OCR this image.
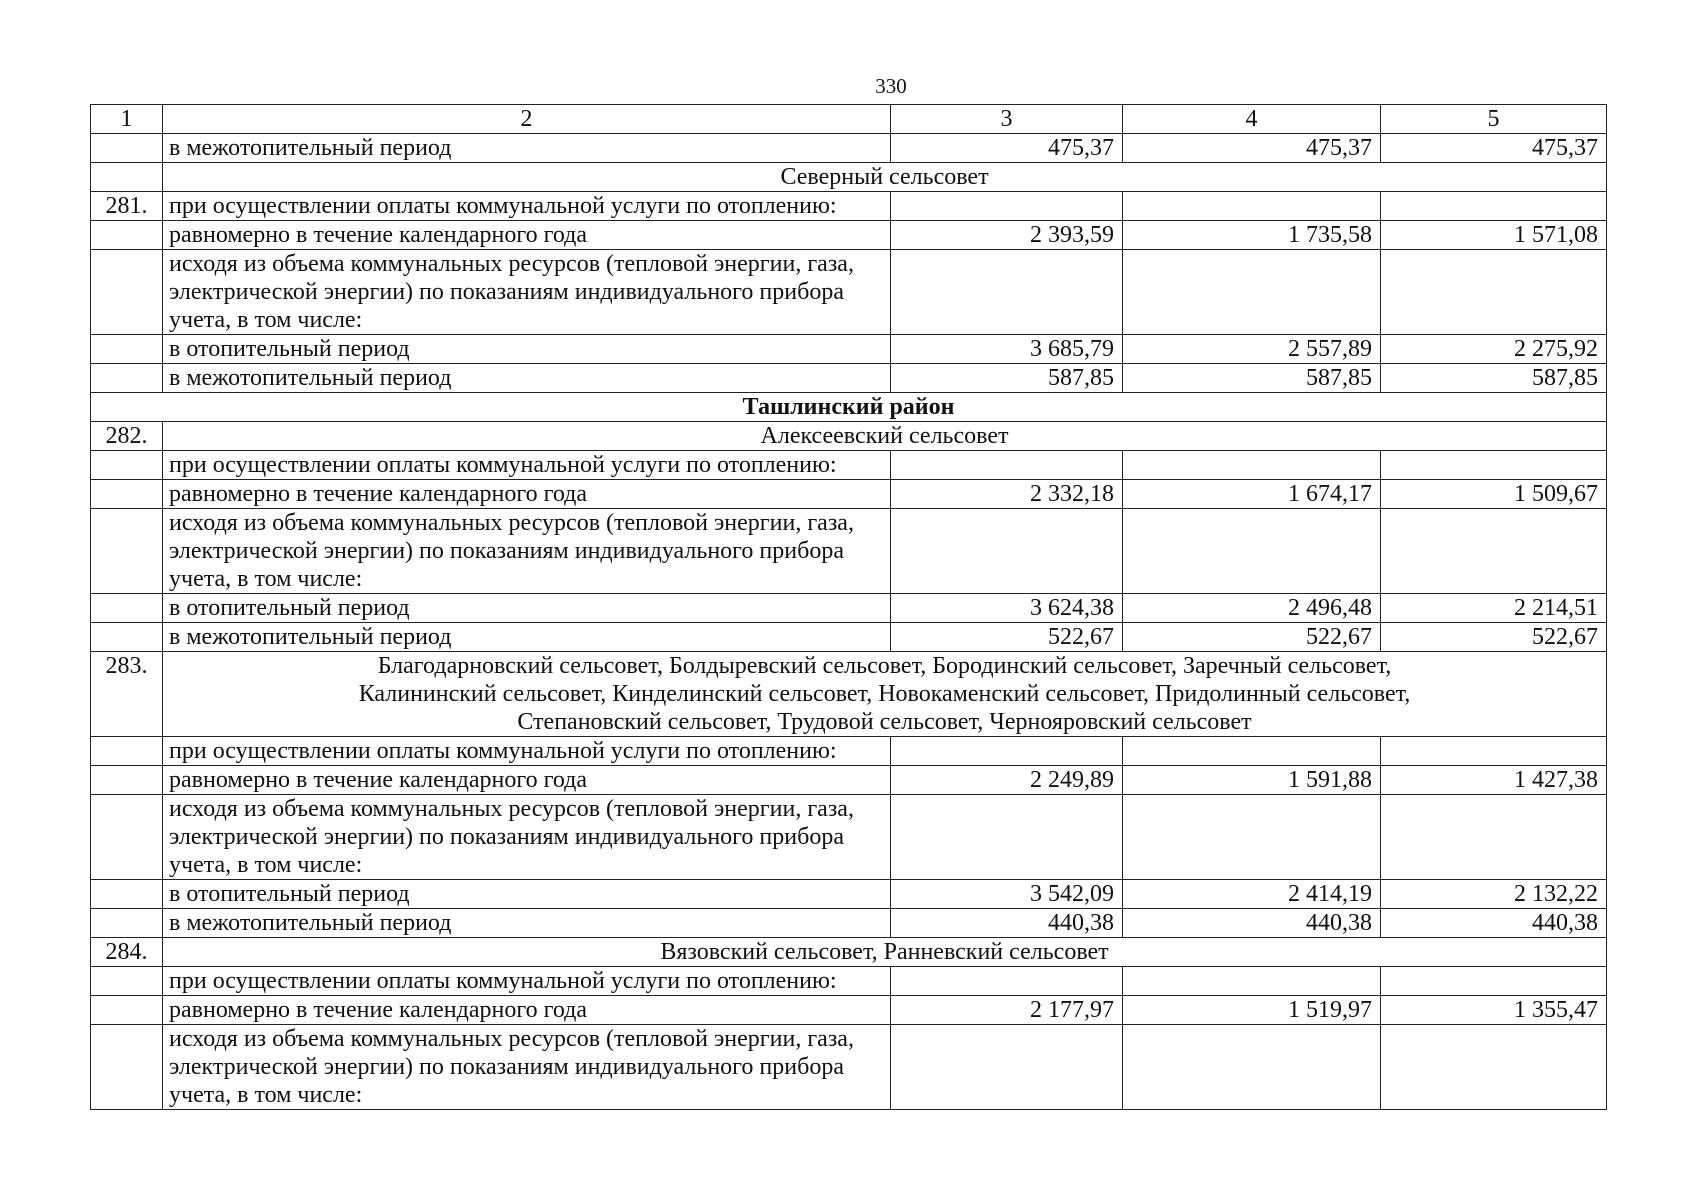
330
1	2	3	4	5
	в межотопительный период	475,37	475,37	475,37
	Северный сельсовет			
281.	при осуществлении оплаты коммунальной услуги по отоплению:			
	равномерно в течение календарного года	2 393,59	1 735,58	1 571,08
	исходя из объема коммунальных ресурсов (тепловой энергии, газа, электрической энергии) по показаниям индивидуального прибора учета, в том числе:			
	в отопительный период	3 685,79	2 557,89	2 275,92
	в межотопительный период	587,85	587,85	587,85
Ташлинский район				
282.	Алексеевский сельсовет			
	при осуществлении оплаты коммунальной услуги по отоплению:			
	равномерно в течение календарного года	2 332,18	1 674,17	1 509,67
	исходя из объема коммунальных ресурсов (тепловой энергии, газа, электрической энергии) по показаниям индивидуального прибора учета, в том числе:			
	в отопительный период	3 624,38	2 496,48	2 214,51
	в межотопительный период	522,67	522,67	522,67
283.	Благодарновский сельсовет, Болдыревский сельсовет, Бородинский сельсовет, Заречный сельсовет, Калининский сельсовет, Кинделинский сельсовет, Новокаменский сельсовет, Придолинный сельсовет, Степановский сельсовет, Трудовой сельсовет, Чернояровский сельсовет			
	при осуществлении оплаты коммунальной услуги по отоплению:			
	равномерно в течение календарного года	2 249,89	1 591,88	1 427,38
	исходя из объема коммунальных ресурсов (тепловой энергии, газа, электрической энергии) по показаниям индивидуального прибора учета, в том числе:			
	в отопительный период	3 542,09	2 414,19	2 132,22
	в межотопительный период	440,38	440,38	440,38
284.	Вязовский сельсовет, Ранневский сельсовет			
	при осуществлении оплаты коммунальной услуги по отоплению:			
	равномерно в течение календарного года	2 177,97	1 519,97	1 355,47
	исходя из объема коммунальных ресурсов (тепловой энергии, газа, электрической энергии) по показаниям индивидуального прибора учета, в том числе:			
